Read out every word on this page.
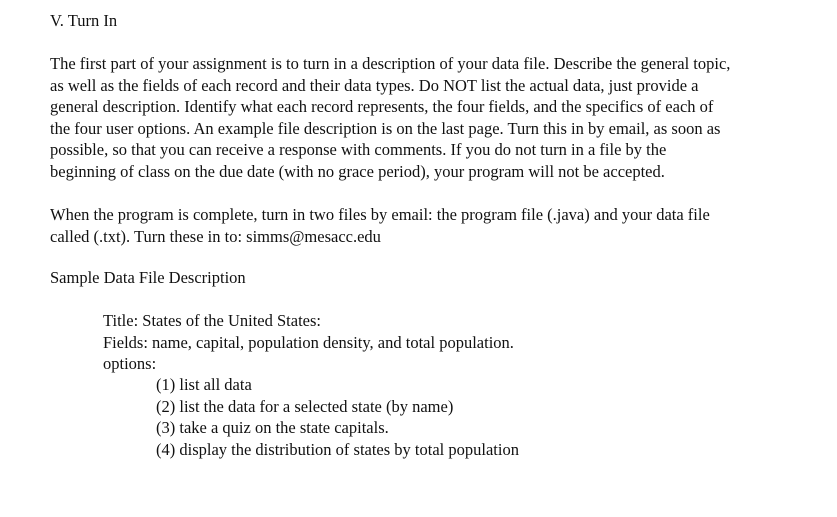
V. Turn In
The first part of your assignment is to turn in a description of your data file. Describe the general topic,
as well as the fields of each record and their data types. Do NOT list the actual data, just provide a
general description. Identify what each record represents, the four fields, and the specifics of each of
the four user options. An example file description is on the last page. Turn this in by email, as soon as
possible, so that you can receive a response with comments. If you do not turn in a file by the
beginning of class on the due date (with no grace period), your program will not be accepted.
When the program is complete, turn in two files by email: the program file (.java) and your data file
called (.txt). Turn these in to: simms@mesacc.edu
Sample Data File Description
Title: States of the United States:
Fields: name, capital, population density, and total population.
options:
(1) list all data
(2) list the data for a selected state (by name)
(3) take a quiz on the state capitals.
(4) display the distribution of states by total population
